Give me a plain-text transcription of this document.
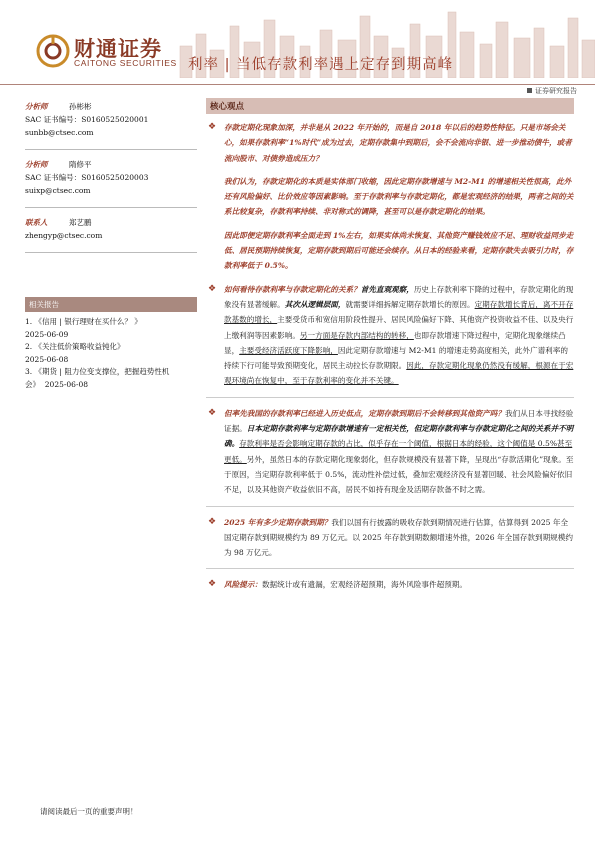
财通证券
CAITONG SECURITIES 利率 | 当低存款利率遇上定存到期高峰
证券研究报告
分析师	孙彬彬
SAC 证书编号：S0160525020001
sunbb@ctsec.com
分析师	隋修平
SAC 证书编号：S0160525020003
suixp@ctsec.com
联系人	郑艺鹏
zhengyp@ctsec.com
相关报告
1. 《信用 | 银行理财在买什么？ 》
2025-06-09
2. 《关注低价策略收益钝化》
2025-06-08
3. 《期货 | 阻力位变支撑位，把握趋势性机会》 2025-06-08
核心观点
❖ 存款定期化现象加深，并非是从 2022 年开始的，而是自 2018 年以后的趋势性特征。只是市场会关心，如果存款利率“1%时代”成为过去，定期存款集中到期后，会不会流向非银、进一步推动债牛，或者流向股市、对债券造成压力？
我们认为，存款定期化的本质是实体部门收缩，因此定期存款增速与 M2-M1 的增速相关性很高，此外还有风险偏好、比价效应等因素影响。至于存款利率与存款定期化，都是宏观经济的结果，两者之间的关系比较复杂，存款利率持续、非对称式的调降，甚至可以是存款定期化的结果。
因此即便定期存款利率全面走到 1%左右，如果实体尚未恢复、其他资产赚钱效应不足、理财收益同步走低、居民预期持续恢复，定期存款到期后可能还会续存。从日本的经验来看，定期存款失去吸引力时，存款利率低于 0.5%。
❖ 如何看待存款利率与存款定期化的关系？首先直观观察，历史上存款利率下降的过程中，存款定期化的现象没有显著缓解。其次从逻辑层面，就需要详细拆解定期存款增长的原因。定期存款增长背后，离不开存款基数的增长，主要受货币和宽信用阶段性提升、居民风险偏好下降、其他资产投资收益不佳、以及央行上缴利润等因素影响。另一方面是存款内部结构的转移，也即存款增速下降过程中，定期化现象继续凸显，主要受经济活跃度下降影响，因此定期存款增速与 M2-M1 的增速走势高度相关，此外广谱利率的持续下行可能导致预期变化，居民主动拉长存款期限。因此，存款定期化现象仍然没有缓解，根源在于宏观环境尚在恢复中，至于存款利率的变化并不关键。
❖ 但率先我国的存款利率已经进入历史低点，定期存款到期后不会转移到其他资产吗？我们从日本寻找经验证据。日本定期存款利率与定期存款增速有一定相关性，但定期存款利率与存款定期化之间的关系并不明确。存款利率是否会影响定期存款的占比，似乎存在一个阈值，根据日本的经验，这个阈值是 0.5%甚至更低。另外，虽然日本的存款定期化现象弱化，但存款规模没有显著下降，呈现出“存款活期化”现象。至于原因，当定期存款利率低于 0.5%，流动性补偿过低，叠加宏观经济没有显著回暖、社会风险偏好依旧不足，以及其他资产收益依旧不高，居民不如持有现金及活期存款备不时之需。
❖ 2025 年有多少定期存款到期？我们以国有行披露的吸收存款到期情况进行估算，估算得到 2025 年全国定期存款到期规模约为 89 万亿元。以 2025 年存款到期数额增速外推，2026 年全国存款到期规模约为 98 万亿元。
❖ 风险提示：数据统计或有遗漏，宏观经济超预期，海外风险事件超预期。
请阅读最后一页的重要声明！
